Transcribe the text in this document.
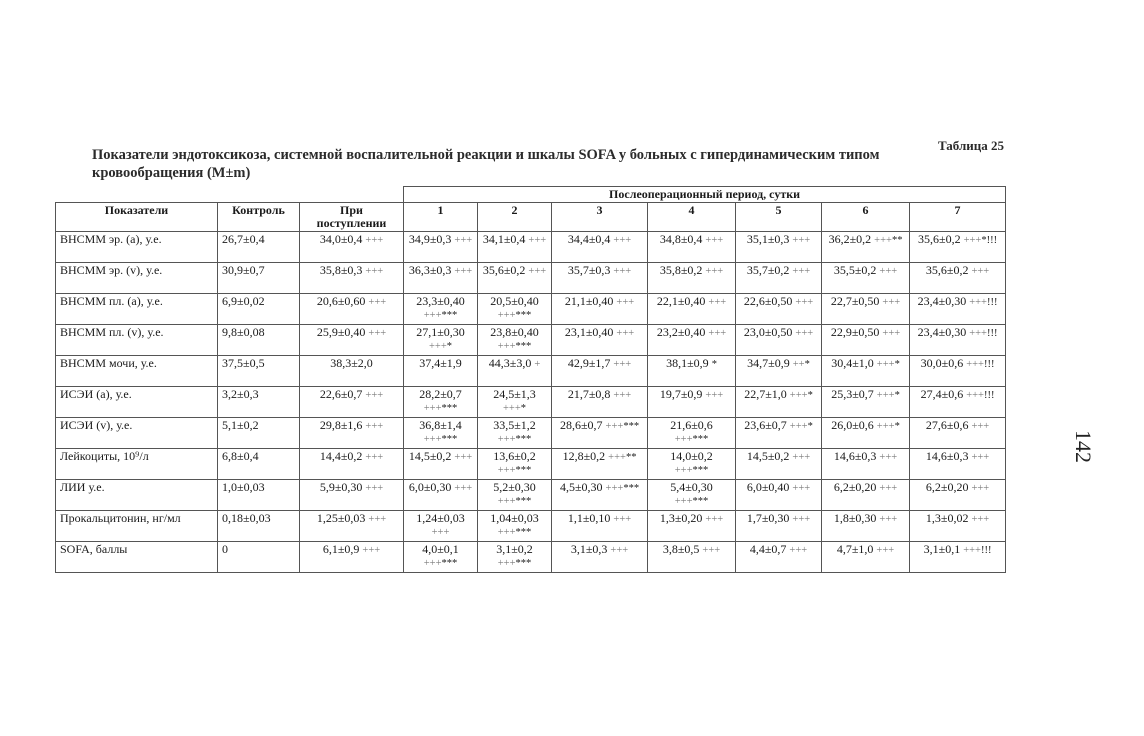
Таблица 25
Показатели эндотоксикоза, системной воспалительной реакции и шкалы SOFA у больных с гипердинамическим типом кровообращения (M±m)
142
			Послеоперационный период, сутки						
Показатели	Контроль	При поступлении	1	2	3	4	5	6	7
ВНСММ эр. (а), у.е.	26,7±0,4	34,0±0,4 +++	34,9±0,3 +++	34,1±0,4 +++	34,4±0,4 +++	34,8±0,4 +++	35,1±0,3 +++	36,2±0,2 +++**	35,6±0,2 +++*!!!
ВНСММ эр. (v), у.е.	30,9±0,7	35,8±0,3 +++	36,3±0,3 +++	35,6±0,2 +++	35,7±0,3 +++	35,8±0,2 +++	35,7±0,2 +++	35,5±0,2 +++	35,6±0,2 +++
ВНСММ пл. (а), у.е.	6,9±0,02	20,6±0,60 +++	23,3±0,40 +++***	20,5±0,40 +++***	21,1±0,40 +++	22,1±0,40 +++	22,6±0,50 +++	22,7±0,50 +++	23,4±0,30 +++!!!
ВНСММ пл. (v), у.е.	9,8±0,08	25,9±0,40 +++	27,1±0,30 +++*	23,8±0,40 +++***	23,1±0,40 +++	23,2±0,40 +++	23,0±0,50 +++	22,9±0,50 +++	23,4±0,30 +++!!!
ВНСММ мочи, у.е.	37,5±0,5	38,3±2,0	37,4±1,9	44,3±3,0 +	42,9±1,7 +++	38,1±0,9 *	34,7±0,9 ++*	30,4±1,0 +++*	30,0±0,6 +++!!!
ИСЭИ (а), у.е.	3,2±0,3	22,6±0,7 +++	28,2±0,7 +++***	24,5±1,3 +++*	21,7±0,8 +++	19,7±0,9 +++	22,7±1,0 +++*	25,3±0,7 +++*	27,4±0,6 +++!!!
ИСЭИ (v), у.е.	5,1±0,2	29,8±1,6 +++	36,8±1,4 +++***	33,5±1,2 +++***	28,6±0,7 +++***	21,6±0,6 +++***	23,6±0,7 +++*	26,0±0,6 +++*	27,6±0,6 +++
Лейкоциты, 10⁹/л	6,8±0,4	14,4±0,2 +++	14,5±0,2 +++	13,6±0,2 +++***	12,8±0,2 +++**	14,0±0,2 +++***	14,5±0,2 +++	14,6±0,3 +++	14,6±0,3 +++
ЛИИ у.е.	1,0±0,03	5,9±0,30 +++	6,0±0,30 +++	5,2±0,30 +++***	4,5±0,30 +++***	5,4±0,30 +++***	6,0±0,40 +++	6,2±0,20 +++	6,2±0,20 +++
Прокальцитонин, нг/мл	0,18±0,03	1,25±0,03 +++	1,24±0,03 +++	1,04±0,03 +++***	1,1±0,10 +++	1,3±0,20 +++	1,7±0,30 +++	1,8±0,30 +++	1,3±0,02 +++
SOFA, баллы	0	6,1±0,9 +++	4,0±0,1 +++***	3,1±0,2 +++***	3,1±0,3 +++	3,8±0,5 +++	4,4±0,7 +++	4,7±1,0 +++	3,1±0,1 +++!!!
